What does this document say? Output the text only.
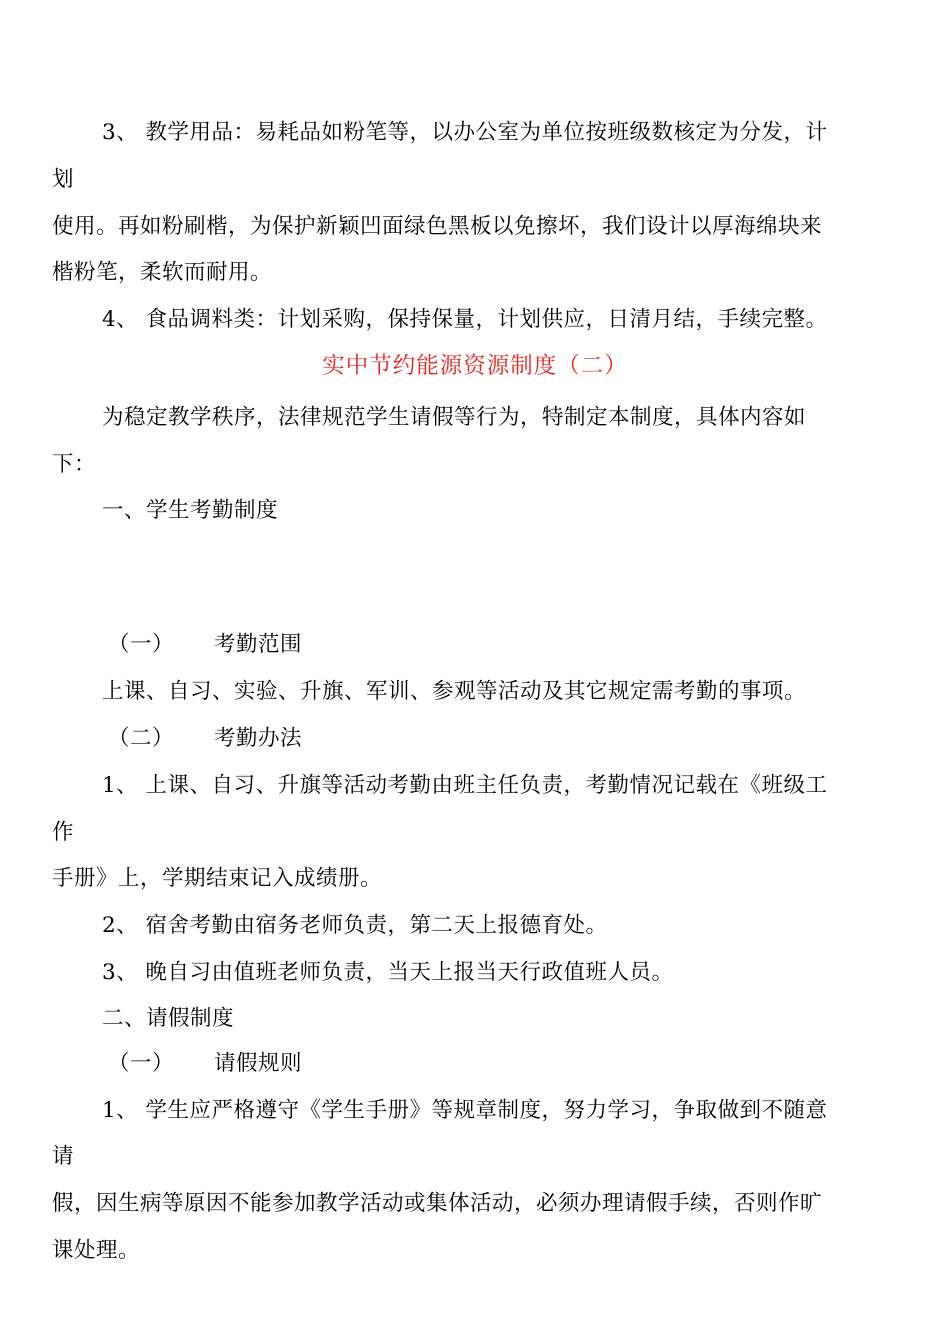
3、 教学用品：易耗品如粉笔等，以办公室为单位按班级数核定为分发，计
划
使用。再如粉刷楷，为保护新颖凹面绿色黑板以免擦坏，我们设计以厚海绵块来
楷粉笔，柔软而耐用。
4、 食品调料类：计划采购，保持保量，计划供应，日清月结，手续完整。
实中节约能源资源制度（二）
为稳定教学秩序，法律规范学生请假等行为，特制定本制度，具体内容如
下：
一、学生考勤制度
（一） 考勤范围
上课、自习、实验、升旗、军训、参观等活动及其它规定需考勤的事项。
（二） 考勤办法
1、 上课、自习、升旗等活动考勤由班主任负责，考勤情况记载在《班级工
作
手册》上，学期结束记入成绩册。
2、 宿舍考勤由宿务老师负责，第二天上报德育处。
3、 晚自习由值班老师负责，当天上报当天行政值班人员。
二、请假制度
（一） 请假规则
1、 学生应严格遵守《学生手册》等规章制度，努力学习，争取做到不随意
请
假，因生病等原因不能参加教学活动或集体活动，必须办理请假手续，否则作旷
课处理。
